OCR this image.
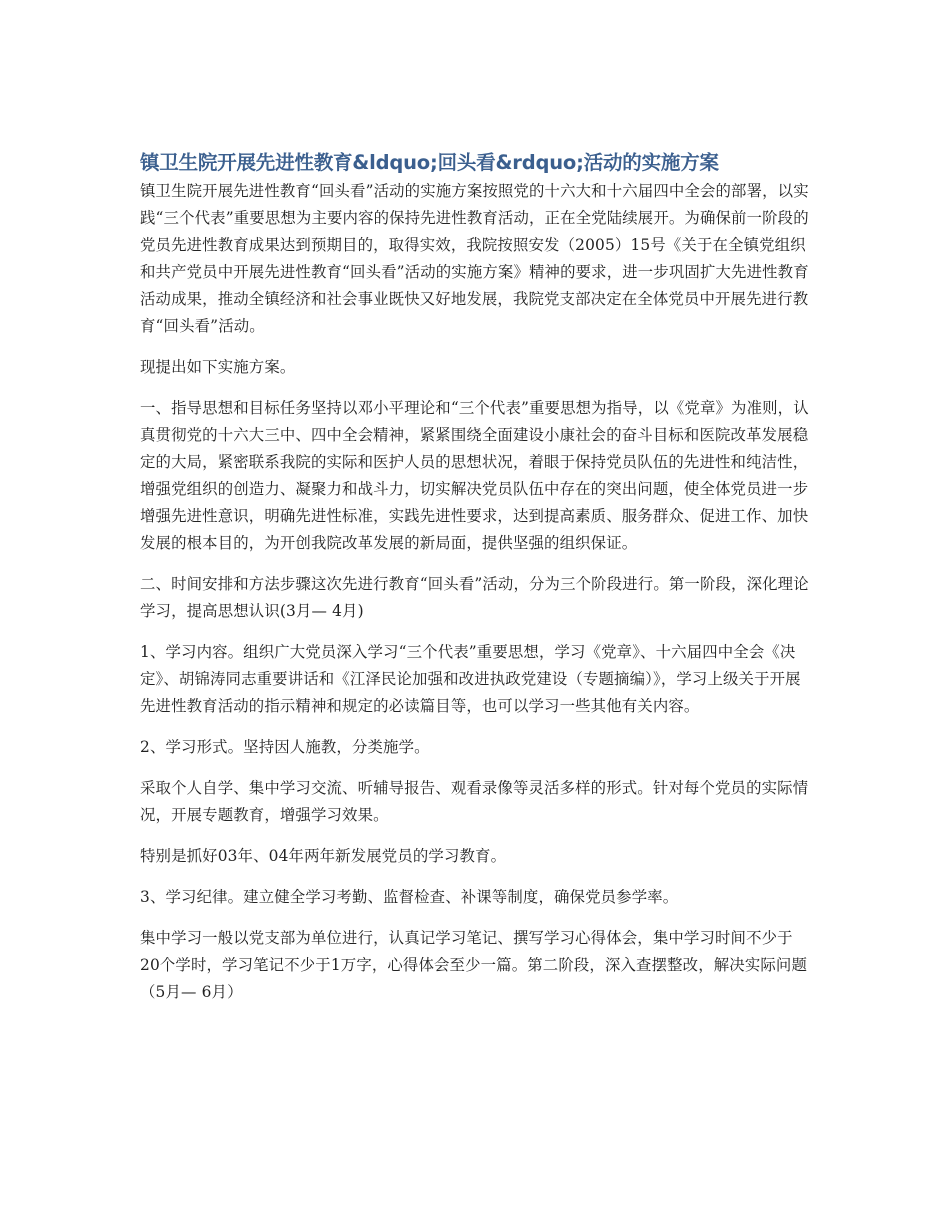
镇卫生院开展先进性教育&ldquo;回头看&rdquo;活动的实施方案

镇卫生院开展先进性教育“回头看”活动的实施方案按照党的十六大和十六届四中全会的部署，以实践“三个代表”重要思想为主要内容的保持先进性教育活动，正在全党陆续展开。为确保前一阶段的党员先进性教育成果达到预期目的，取得实效，我院按照安发（2005）15号《关于在全镇党组织和共产党员中开展先进性教育“回头看”活动的实施方案》精神的要求，进一步巩固扩大先进性教育活动成果，推动全镇经济和社会事业既快又好地发展，我院党支部决定在全体党员中开展先进行教育“回头看”活动。

现提出如下实施方案。

一、指导思想和目标任务坚持以邓小平理论和“三个代表”重要思想为指导，以《党章》为准则，认真贯彻党的十六大三中、四中全会精神，紧紧围绕全面建设小康社会的奋斗目标和医院改革发展稳定的大局，紧密联系我院的实际和医护人员的思想状况，着眼于保持党员队伍的先进性和纯洁性，增强党组织的创造力、凝聚力和战斗力，切实解决党员队伍中存在的突出问题，使全体党员进一步增强先进性意识，明确先进性标准，实践先进性要求，达到提高素质、服务群众、促进工作、加快发展的根本目的，为开创我院改革发展的新局面，提供坚强的组织保证。

二、时间安排和方法步骤这次先进行教育“回头看”活动，分为三个阶段进行。第一阶段，深化理论学习，提高思想认识(3月— 4月)

1、学习内容。组织广大党员深入学习“三个代表”重要思想，学习《党章》、十六届四中全会《决定》、胡锦涛同志重要讲话和《江泽民论加强和改进执政党建设（专题摘编）》，学习上级关于开展先进性教育活动的指示精神和规定的必读篇目等，也可以学习一些其他有关内容。

2、学习形式。坚持因人施教，分类施学。

采取个人自学、集中学习交流、听辅导报告、观看录像等灵活多样的形式。针对每个党员的实际情况，开展专题教育，增强学习效果。

特别是抓好03年、04年两年新发展党员的学习教育。

3、学习纪律。建立健全学习考勤、监督检查、补课等制度，确保党员参学率。

集中学习一般以党支部为单位进行，认真记学习笔记、撰写学习心得体会，集中学习时间不少于20个学时，学习笔记不少于1万字，心得体会至少一篇。第二阶段，深入查摆整改，解决实际问题（5月— 6月）
